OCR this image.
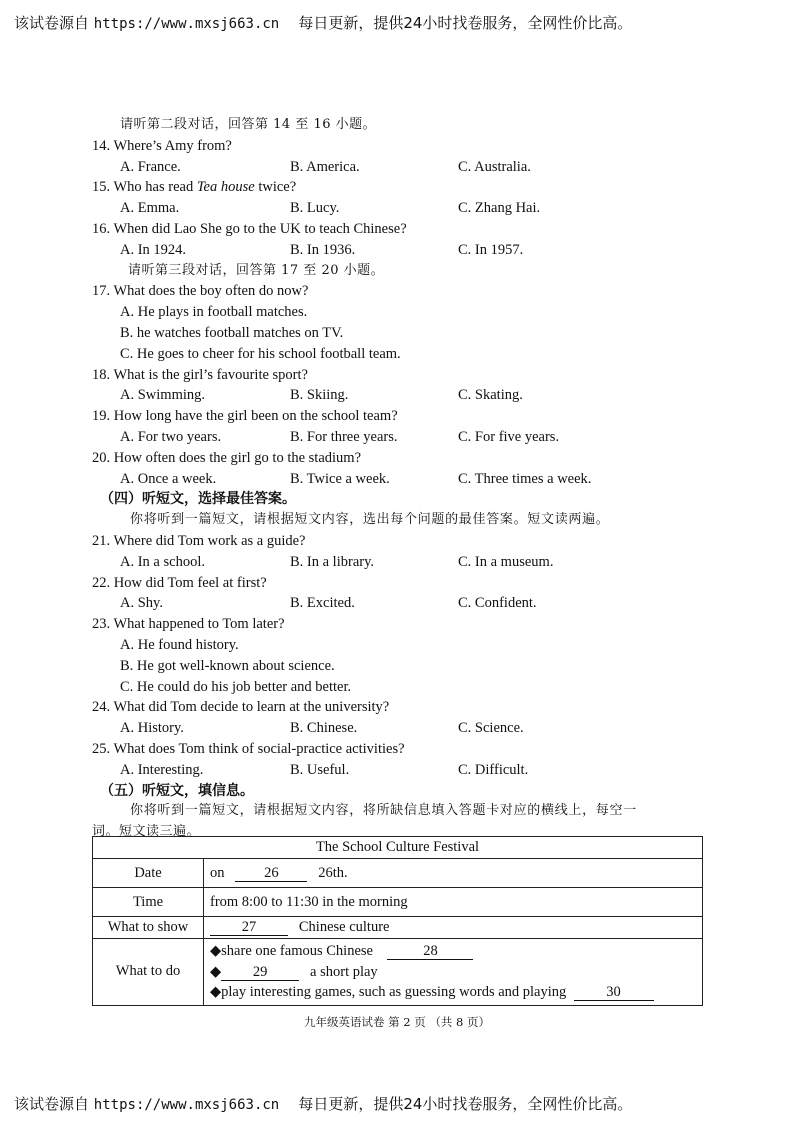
该试卷源自 https://www.mxsj663.cn 每日更新，提供24小时找卷服务，全网性价比高。
请听第二段对话，回答第 14 至 16 小题。
14. Where’s Amy from?
A. France.	B. America.	C. Australia.
15. Who has read Tea house twice?
A. Emma.	B. Lucy.	C. Zhang Hai.
16. When did Lao She go to the UK to teach Chinese?
A. In 1924.	B. In 1936.	C. In 1957.
请听第三段对话，回答第 17 至 20 小题。
17. What does the boy often do now?
A. He plays in football matches.
B. he watches football matches on TV.
C. He goes to cheer for his school football team.
18. What is the girl’s favourite sport?
A. Swimming.	B. Skiing.	C. Skating.
19. How long have the girl been on the school team?
A. For two years.	B. For three years.	C. For five years.
20. How often does the girl go to the stadium?
A. Once a week.	B. Twice a week.	C. Three times a week.
（四）听短文，选择最佳答案。
你将听到一篇短文，请根据短文内容，选出每个问题的最佳答案。短文读两遍。
21. Where did Tom work as a guide?
A. In a school.	B. In a library.	C. In a museum.
22. How did Tom feel at first?
A. Shy.	B. Excited.	C. Confident.
23. What happened to Tom later?
A. He found history.
B. He got well-known about science.
C. He could do his job better and better.
24. What did Tom decide to learn at the university?
A. History.	B. Chinese.	C. Science.
25. What does Tom think of social-practice activities?
A. Interesting.	B. Useful.	C. Difficult.
（五）听短文，填信息。
你将听到一篇短文，请根据短文内容，将所缺信息填入答题卡对应的横线上，每空一
词。短文读三遍。
The School Culture Festival	
Date	on 26 26th.
Time	from 8:00 to 11:30 in the morning
What to show	27 Chinese culture
What to do	◆share one famous Chinese 28
◆ 29 a short play
◆play interesting games, such as guessing words and playing 30
九年级英语试卷 第 2 页 （共 8 页）
该试卷源自 https://www.mxsj663.cn 每日更新，提供24小时找卷服务，全网性价比高。
